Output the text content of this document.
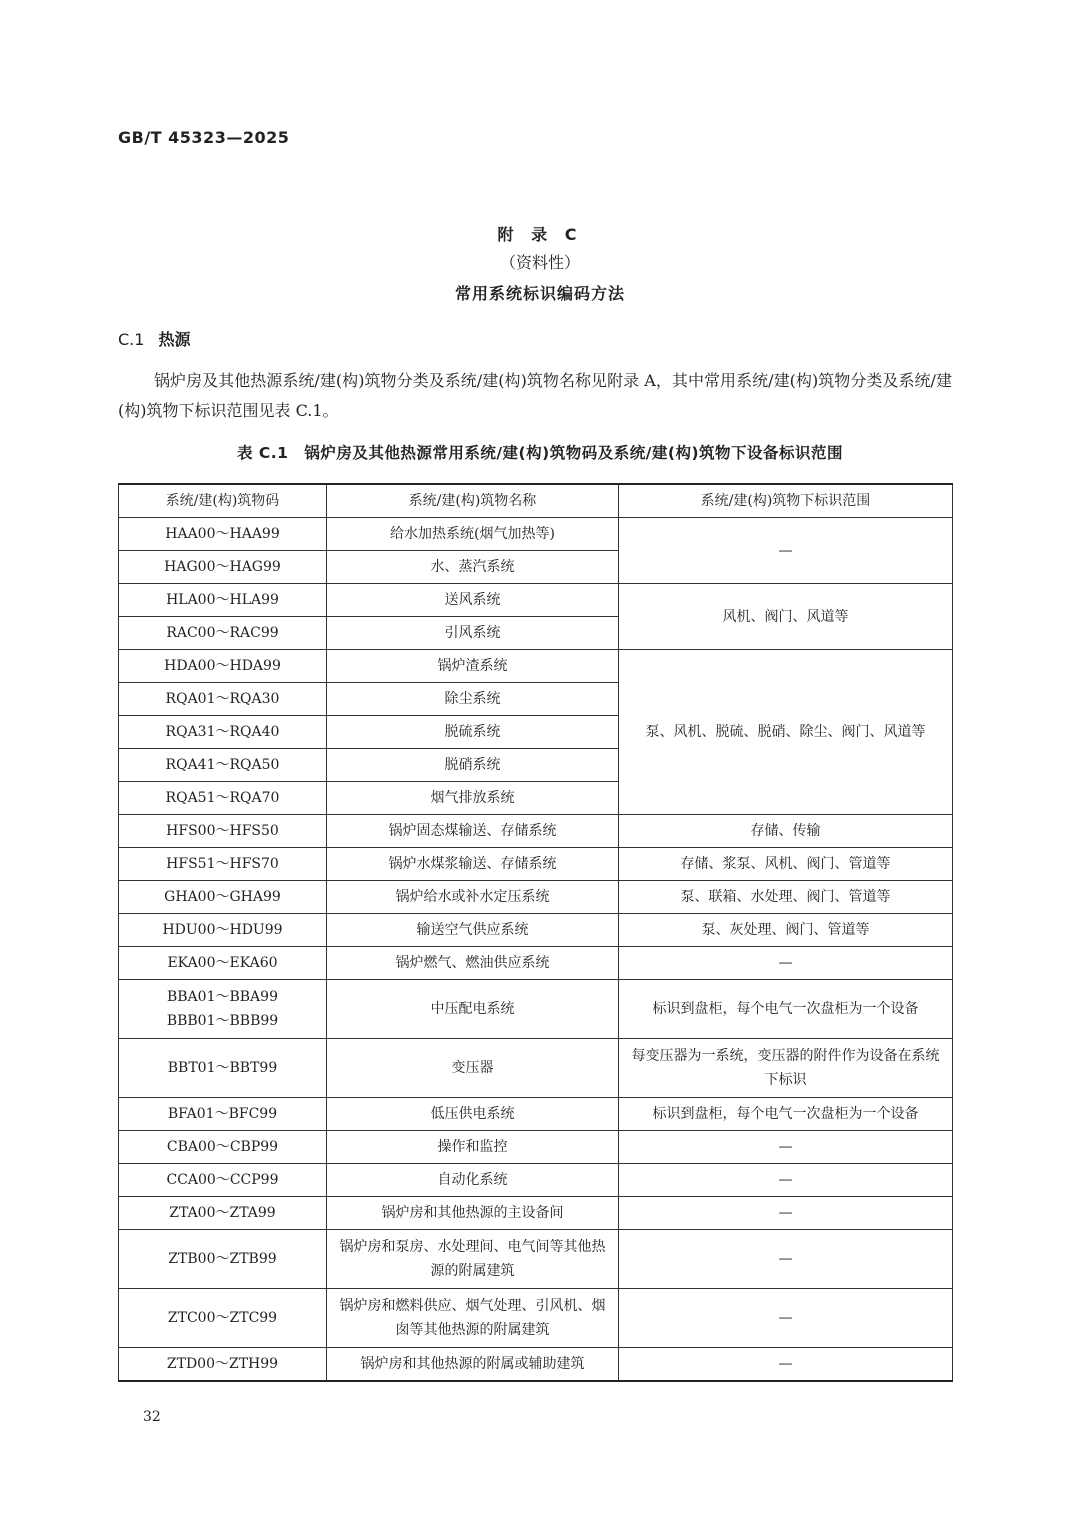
GB/T 45323—2025
附 录 C
（资料性）
常用系统标识编码方法
C.1 热源

锅炉房及其他热源系统/建(构)筑物分类及系统/建(构)筑物名称见附录 A，其中常用系统/建(构)筑物分类及系统/建(构)筑物下标识范围见表 C.1。

表 C.1 锅炉房及其他热源常用系统/建(构)筑物码及系统/建(构)筑物下设备标识范围
系统/建(构)筑物码	系统/建(构)筑物名称	系统/建(构)筑物下标识范围
HAA00～HAA99	给水加热系统(烟气加热等)	—
HAG00～HAG99	水、蒸汽系统	
HLA00～HLA99	送风系统	风机、阀门、风道等
RAC00～RAC99	引风系统	
HDA00～HDA99	锅炉渣系统	泵、风机、脱硫、脱硝、除尘、阀门、风道等
RQA01～RQA30	除尘系统	
RQA31～RQA40	脱硫系统	
RQA41～RQA50	脱硝系统	
RQA51～RQA70	烟气排放系统	
HFS00～HFS50	锅炉固态煤输送、存储系统	存储、传输
HFS51～HFS70	锅炉水煤浆输送、存储系统	存储、浆泵、风机、阀门、管道等
GHA00～GHA99	锅炉给水或补水定压系统	泵、联箱、水处理、阀门、管道等
HDU00～HDU99	输送空气供应系统	泵、灰处理、阀门、管道等
EKA00～EKA60	锅炉燃气、燃油供应系统	—

BBA01～BBA99
BBB01～BBB99	中压配电系统	标识到盘柜，每个电气一次盘柜为一个设备
BBT01～BBT99	变压器	每变压器为一系统，变压器的附件作为设备在系统下标识
BFA01～BFC99	低压供电系统	标识到盘柜，每个电气一次盘柜为一个设备
CBA00～CBP99	操作和监控	—
CCA00～CCP99	自动化系统	—
ZTA00～ZTA99	锅炉房和其他热源的主设备间	—
ZTB00～ZTB99	锅炉房和泵房、水处理间、电气间等其他热源的附属建筑	—
ZTC00～ZTC99	锅炉房和燃料供应、烟气处理、引风机、烟囱等其他热源的附属建筑	—
ZTD00～ZTH99	锅炉房和其他热源的附属或辅助建筑	—
32
